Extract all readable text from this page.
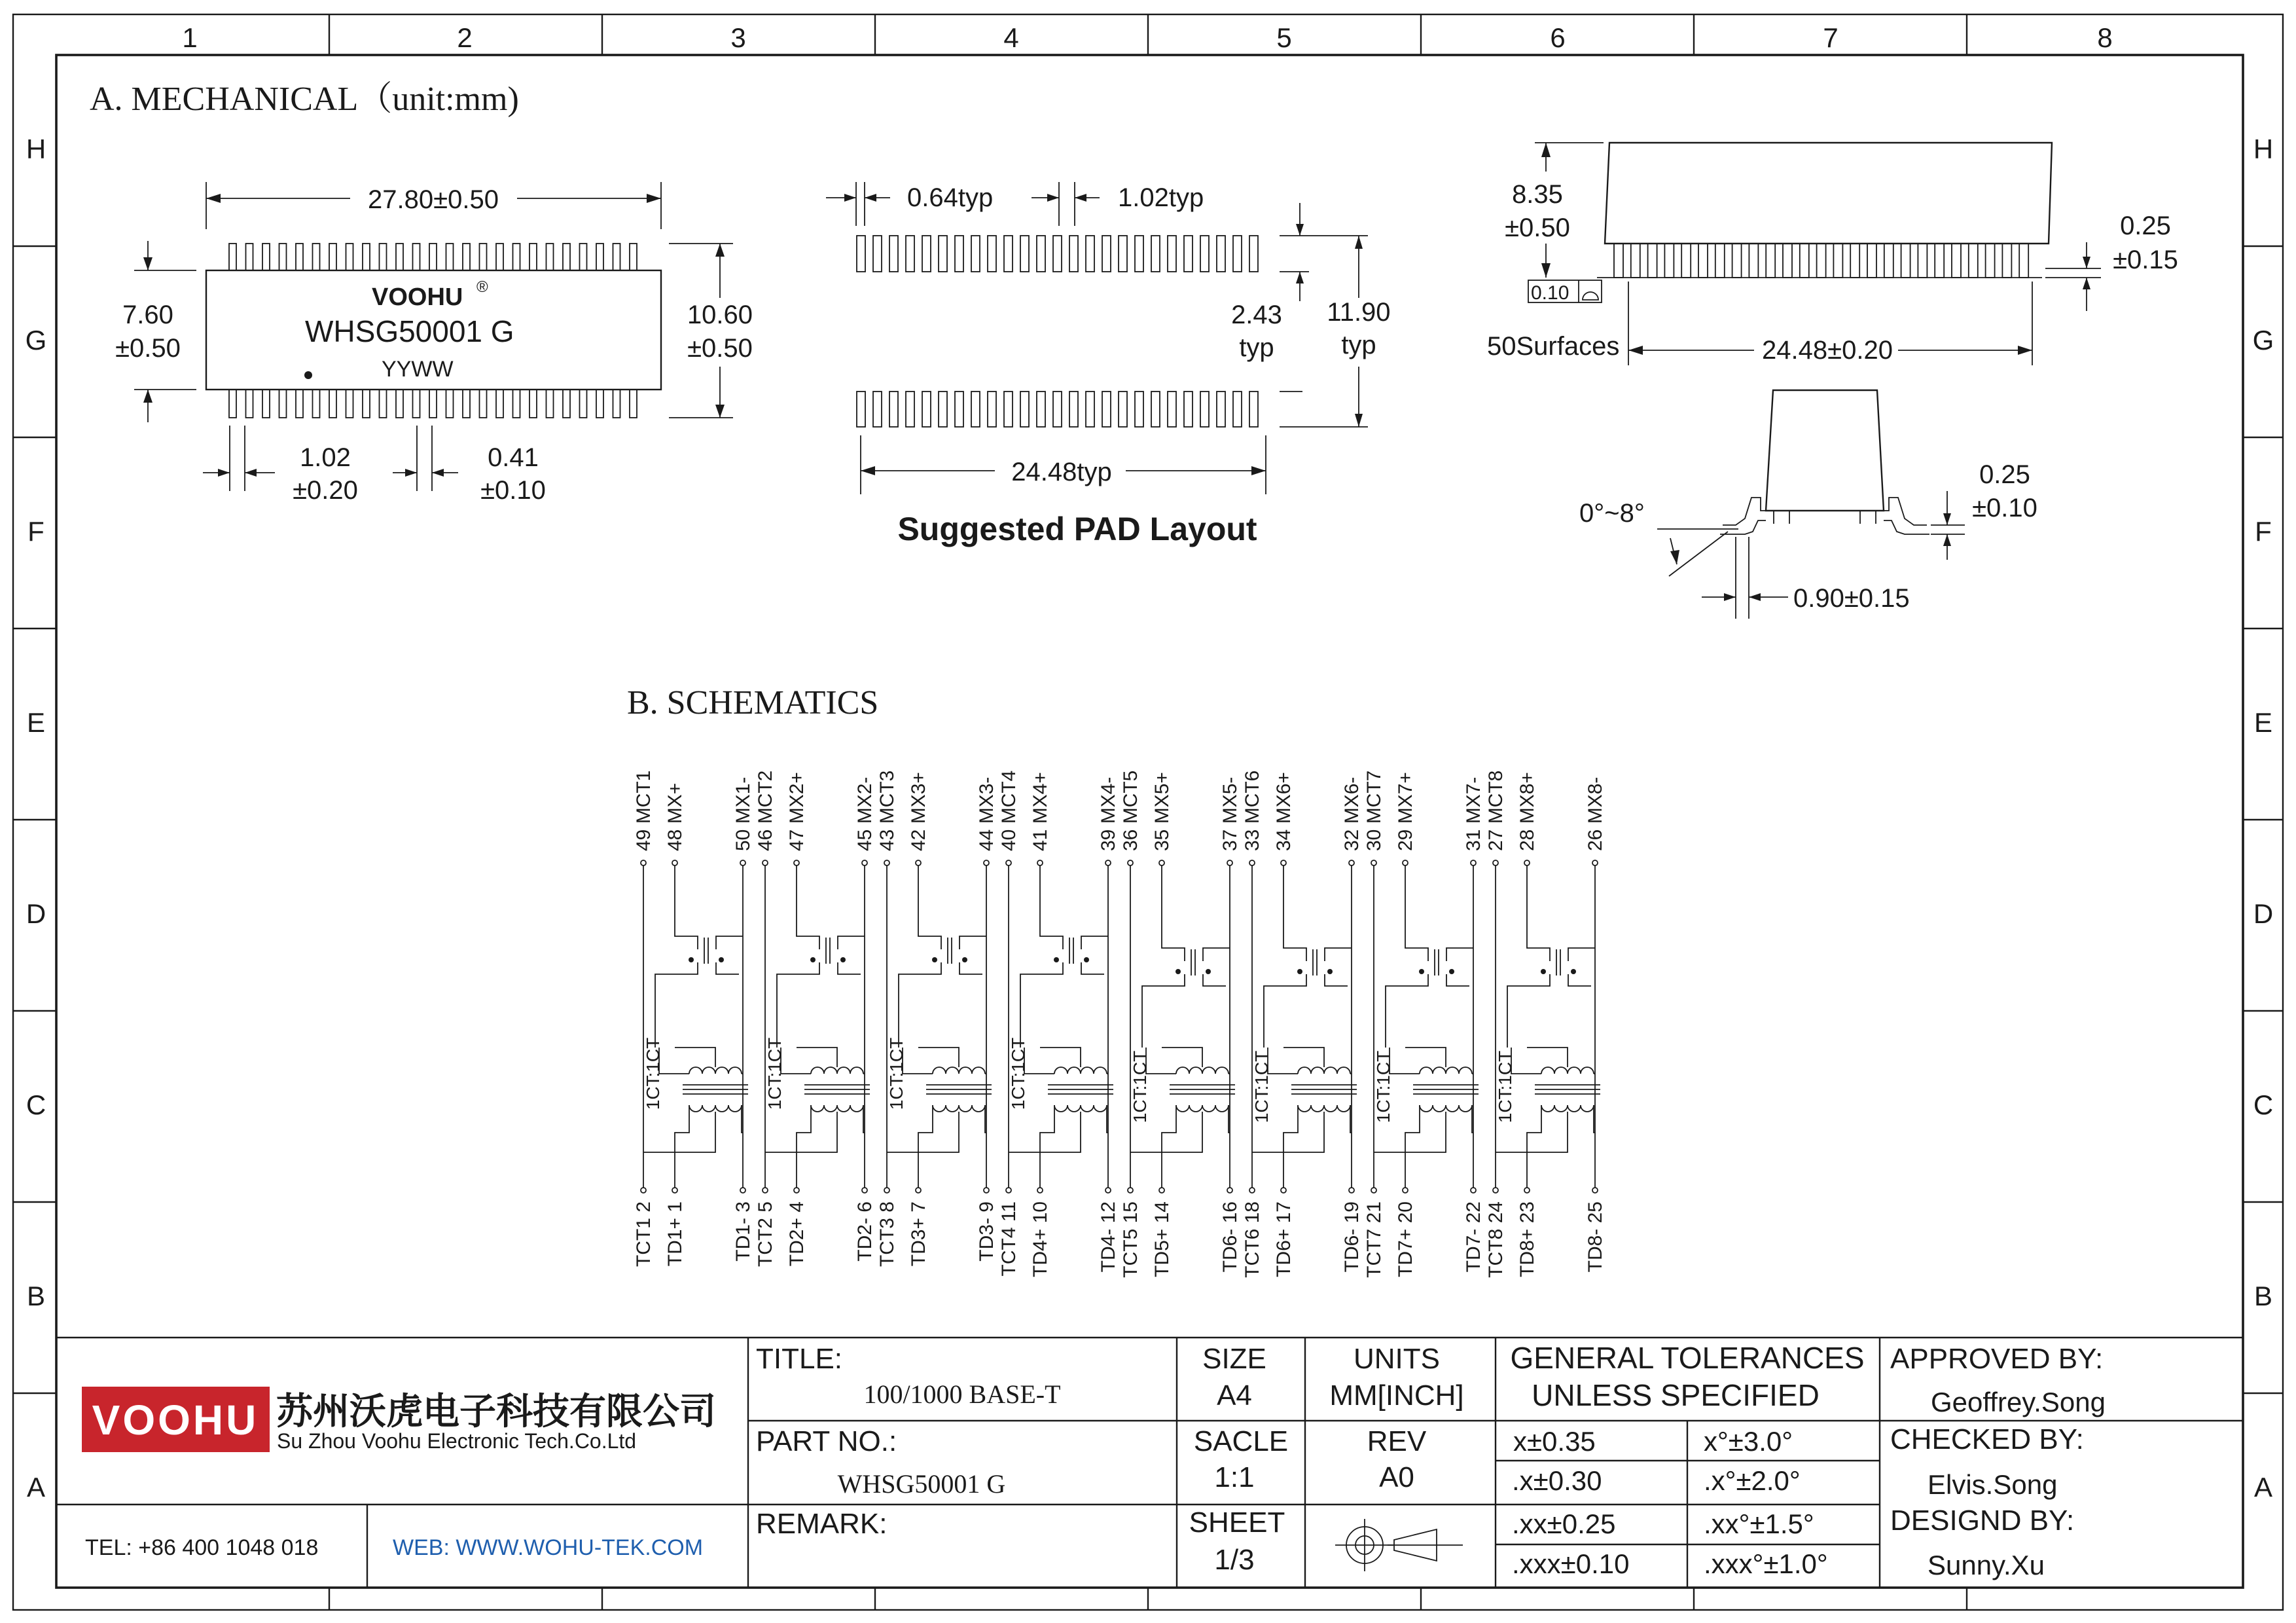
1	2	3	4	5	6	7	8
H
G
F
E
D
C
B
A
H
G
F
E
D
C
B
A
A. MECHANICAL（unit:mm)
VOOHU ®
WHSG50001 G
YYWW
27.80±0.50
7.60
±0.50
10.60
±0.50
1.02
±0.20
0.41
±0.10
0.64typ	1.02typ
2.43
typ
11.90
typ
24.48typ
Suggested PAD Layout
8.35
±0.50	0.25
±0.15
0.10
50Surfaces	24.48±0.20
0°~8°
0.25
±0.10
0.90±0.15
B. SCHEMATICS
49 MCT1 48 MX+ 50 MX1-
TCT1 2 TD1+ 1 TD1- 3
1CT:1CT
46 MCT2 47 MX2+ 45 MX2-
TCT2 5 TD2+ 4 TD2- 6
1CT:1CT
43 MCT3 42 MX3+ 44 MX3-
TCT3 8 TD3+ 7 TD3- 9
1CT:1CT
40 MCT4 41 MX4+ 39 MX4-
TCT4 11 TD4+ 10 TD4- 12
1CT:1CT
36 MCT5 35 MX5+ 37 MX5-
TCT5 15 TD5+ 14 TD6- 16
1CT:1CT
33 MCT6 34 MX6+ 32 MX6-
TCT6 18 TD6+ 17 TD6- 19
1CT:1CT
30 MCT7 29 MX7+ 31 MX7-
TCT7 21 TD7+ 20 TD7- 22
1CT:1CT
27 MCT8 28 MX8+ 26 MX8-
TCT8 24 TD8+ 23 TD8- 25
1CT:1CT
VOOHU 苏州沃虎电子科技有限公司
Su Zhou Voohu Electronic Tech.Co.Ltd
TEL: +86 400 1048 018	WEB: WWW.WOHU-TEK.COM
TITLE:
100/1000 BASE-T
PART NO.:
WHSG50001 G
REMARK:
SIZE
A4
SACLE
1:1
SHEET
1/3
UNITS
MM[INCH]
REV
A0
GENERAL TOLERANCES
UNLESS SPECIFIED
x±0.35	x°±3.0°
.x±0.30	.x°±2.0°
.xx±0.25	.xx°±1.5°
.xxx±0.10	.xxx°±1.0°
APPROVED BY:
Geoffrey.Song
CHECKED BY:
Elvis.Song
DESIGND BY:
Sunny.Xu
